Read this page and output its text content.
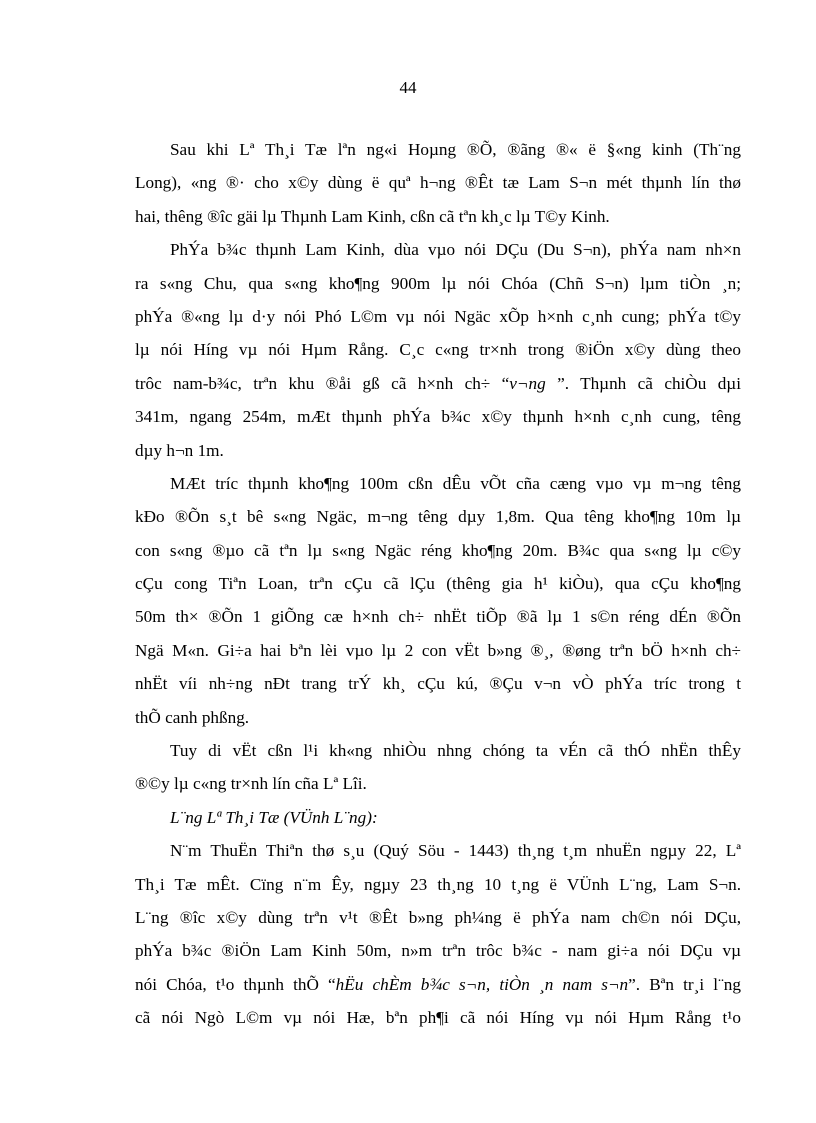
44
Sau khi Lª Th¸i Tæ lªn ng«i Hoµng ®Õ, ®ãng ®« ë §«ng kinh (Th¨ng
Long), «ng ®· cho x©y dùng ë quª h¬ng ®Êt tæ Lam S¬n mét thµnh lín thø
hai, thêng ®îc gäi lµ Thµnh Lam Kinh, cßn cã tªn kh¸c lµ T©y Kinh.
PhÝa b¾c thµnh Lam Kinh, dùa vµo nói DÇu (Du S¬n), phÝa nam nh×n
ra s«ng Chu, qua s«ng kho¶ng 900m lµ nói Chóa (Chñ S¬n) lµm tiÒn ¸n;
phÝa ®«ng lµ d·y nói Phó L©m vµ nói Ngäc xÕp h×nh c¸nh cung; phÝa t©y
lµ nói Híng vµ nói Hµm Rång. C¸c c«ng tr×nh trong ®iÖn x©y dùng theo
trôc nam-b¾c, trªn khu ®åi gß cã h×nh ch÷ “v¬ng ”. Thµnh cã chiÒu dµi
341m, ngang 254m, mÆt thµnh phÝa b¾c x©y thµnh h×nh c¸nh cung, têng
dµy h¬n 1m.
MÆt tríc thµnh kho¶ng 100m cßn dÊu vÕt cña cæng vµo vµ m¬ng têng
kÐo ®Õn s¸t bê s«ng Ngäc, m¬ng têng dµy 1,8m. Qua têng kho¶ng 10m lµ
con s«ng ®µo cã tªn lµ s«ng Ngäc réng kho¶ng 20m. B¾c qua s«ng lµ c©y
cÇu cong Tiªn Loan, trªn cÇu cã lÇu (thêng gia h¹ kiÒu), qua cÇu kho¶ng
50m th× ®Õn 1 giÕng cæ h×nh ch÷ nhËt tiÕp ®ã lµ 1 s©n réng dÉn ®Õn
Ngä M«n. Gi÷a hai bªn lèi vµo lµ 2 con vËt b»ng ®¸, ®øng trªn bÖ h×nh ch÷
nhËt víi nh÷ng nÐt trang trÝ kh¸ cÇu kú, ®Çu v¬n vÒ phÝa tríc trong t
thÕ canh phßng.
Tuy di vËt cßn l¹i kh«ng nhiÒu nhng chóng ta vÉn cã thÓ nhËn thÊy
®©y lµ c«ng tr×nh lín cña Lª Lîi.
L¨ng Lª Th¸i Tæ (VÜnh L¨ng):
N¨m ThuËn Thiªn thø s¸u (Quý Söu - 1443) th¸ng t¸m nhuËn ngµy 22, Lª
Th¸i Tæ mÊt. Cïng n¨m Êy, ngµy 23 th¸ng 10 t¸ng ë VÜnh L¨ng, Lam S¬n.
L¨ng ®îc x©y dùng trªn v¹t ®Êt b»ng ph¼ng ë phÝa nam ch©n nói DÇu,
phÝa b¾c ®iÖn Lam Kinh 50m, n»m trªn trôc b¾c - nam gi÷a nói DÇu vµ
nói Chóa, t¹o thµnh thÕ “hËu chÈm b¾c s¬n, tiÒn ¸n nam s¬n”. Bªn tr¸i l¨ng
cã nói Ngò L©m vµ nói Hæ, bªn ph¶i cã nói Híng vµ nói Hµm Rång t¹o
